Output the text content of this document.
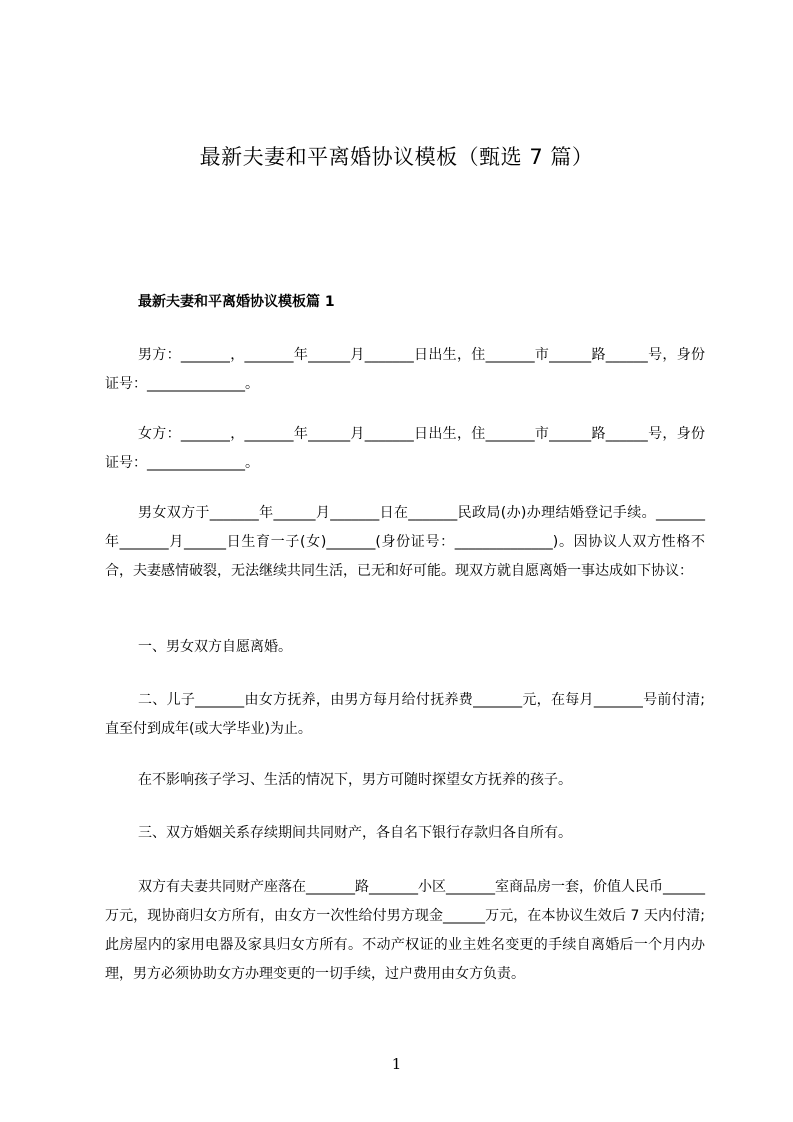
最新夫妻和平离婚协议模板（甄选 7 篇）
最新夫妻和平离婚协议模板篇 1
男方：_______，_______年______月_______日出生，住_______市______路______号，身份证号：______________。
女方：_______，_______年______月_______日出生，住_______市______路______号，身份证号：______________。
男女双方于_______年______月_______日在_______民政局(办)办理结婚登记手续。_______年_______月______日生育一子(女)_______(身份证号：______________)。因协议人双方性格不合，夫妻感情破裂，无法继续共同生活，已无和好可能。现双方就自愿离婚一事达成如下协议：
一、男女双方自愿离婚。
二、儿子_______由女方抚养，由男方每月给付抚养费_______元，在每月_______号前付清;直至付到成年(或大学毕业)为止。
在不影响孩子学习、生活的情况下，男方可随时探望女方抚养的孩子。
三、双方婚姻关系存续期间共同财产，各自名下银行存款归各自所有。
双方有夫妻共同财产座落在_______路_______小区_______室商品房一套，价值人民币______万元，现协商归女方所有，由女方一次性给付男方现金______万元，在本协议生效后 7 天内付清;此房屋内的家用电器及家具归女方所有。不动产权证的业主姓名变更的手续自离婚后一个月内办理，男方必须协助女方办理变更的一切手续，过户费用由女方负责。
1
